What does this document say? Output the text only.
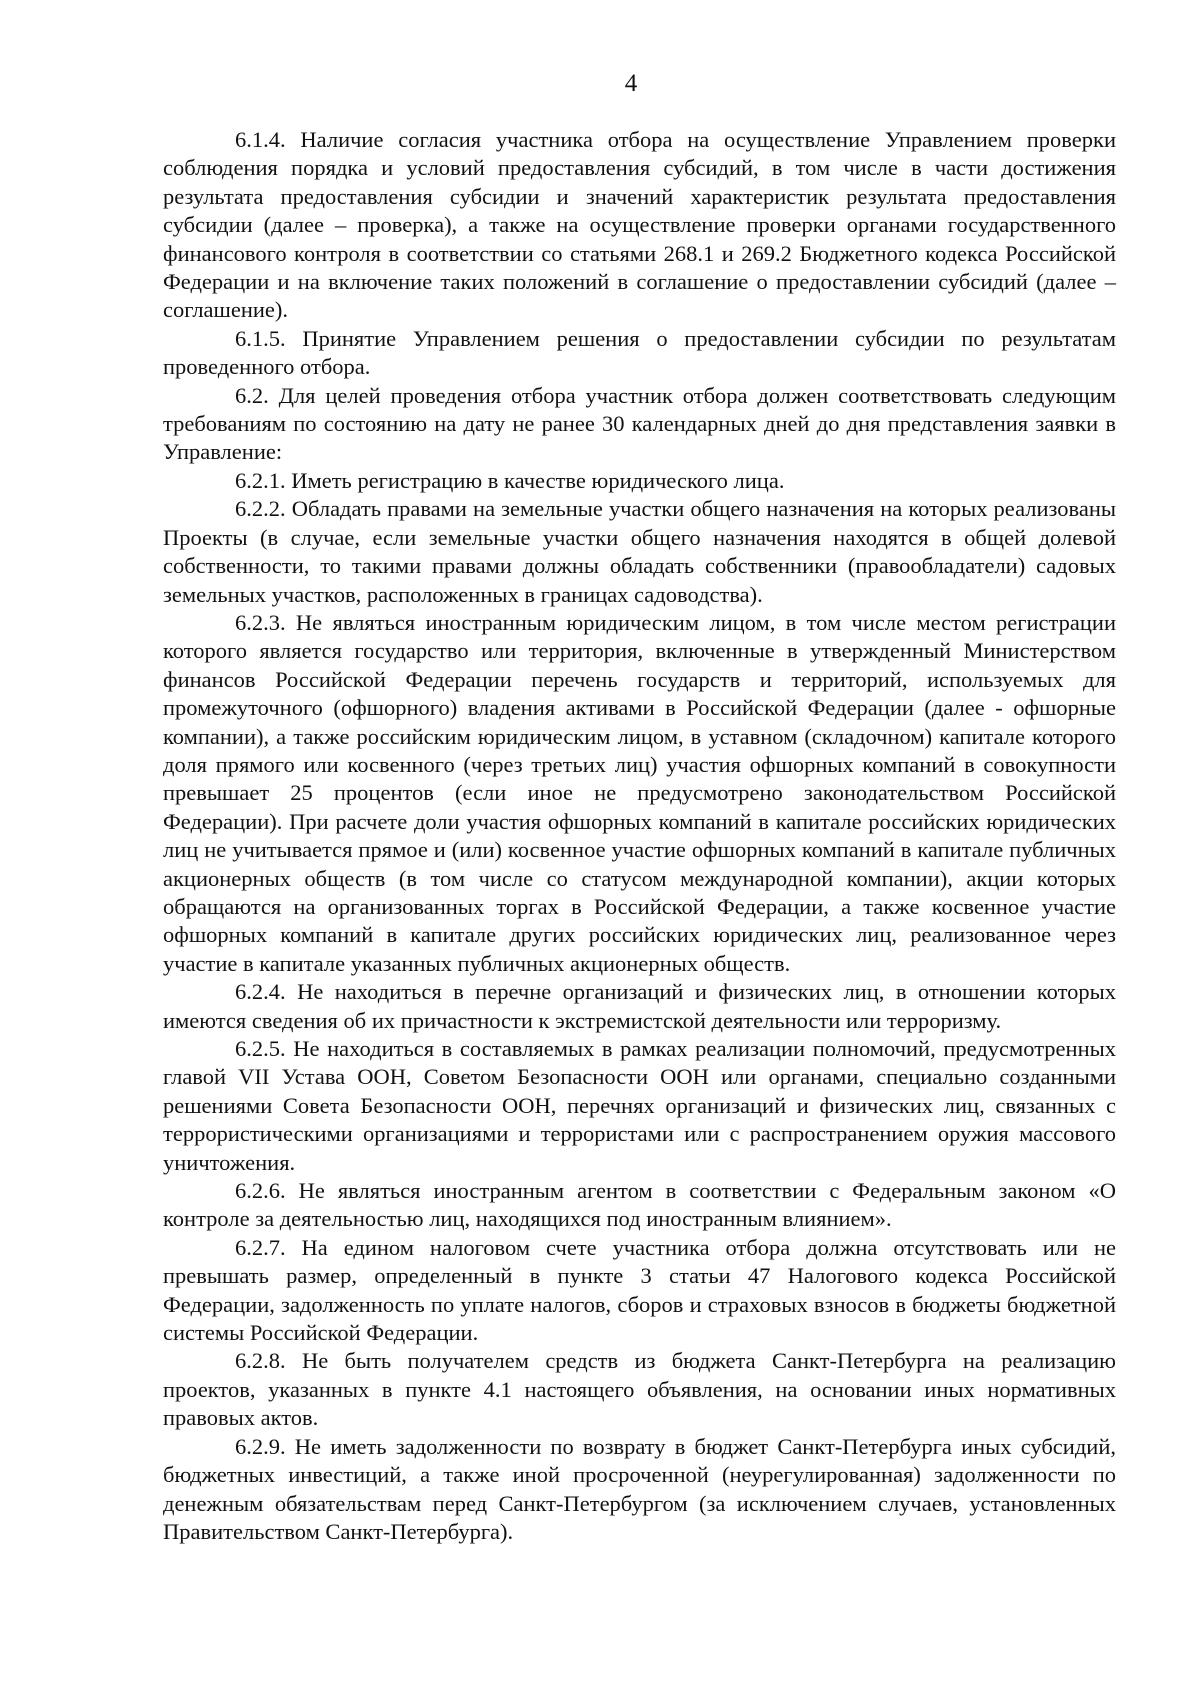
4

6.1.4. Наличие согласия участника отбора на осуществление Управлением проверки соблюдения порядка и условий предоставления субсидий, в том числе в части достижения результата предоставления субсидии и значений характеристик результата предоставления субсидии (далее – проверка), а также на осуществление проверки органами государственного финансового контроля в соответствии со статьями 268.1 и 269.2 Бюджетного кодекса Российской Федерации и на включение таких положений в соглашение о предоставлении субсидий (далее – соглашение).

6.1.5. Принятие Управлением решения о предоставлении субсидии по результатам проведенного отбора.

6.2. Для целей проведения отбора участник отбора должен соответствовать следующим требованиям по состоянию на дату не ранее 30 календарных дней до дня представления заявки в Управление:

6.2.1. Иметь регистрацию в качестве юридического лица.

6.2.2. Обладать правами на земельные участки общего назначения на которых реализованы Проекты (в случае, если земельные участки общего назначения находятся в общей долевой собственности, то такими правами должны обладать собственники (правообладатели) садовых земельных участков, расположенных в границах садоводства).

6.2.3. Не являться иностранным юридическим лицом, в том числе местом регистрации которого является государство или территория, включенные в утвержденный Министерством финансов Российской Федерации перечень государств и территорий, используемых для промежуточного (офшорного) владения активами в Российской Федерации (далее - офшорные компании), а также российским юридическим лицом, в уставном (складочном) капитале которого доля прямого или косвенного (через третьих лиц) участия офшорных компаний в совокупности превышает 25 процентов (если иное не предусмотрено законодательством Российской Федерации). При расчете доли участия офшорных компаний в капитале российских юридических лиц не учитывается прямое и (или) косвенное участие офшорных компаний в капитале публичных акционерных обществ (в том числе со статусом международной компании), акции которых обращаются на организованных торгах в Российской Федерации, а также косвенное участие офшорных компаний в капитале других российских юридических лиц, реализованное через участие в капитале указанных публичных акционерных обществ.

6.2.4. Не находиться в перечне организаций и физических лиц, в отношении которых имеются сведения об их причастности к экстремистской деятельности или терроризму.

6.2.5. Не находиться в составляемых в рамках реализации полномочий, предусмотренных главой VII Устава ООН, Советом Безопасности ООН или органами, специально созданными решениями Совета Безопасности ООН, перечнях организаций и физических лиц, связанных с террористическими организациями и террористами или с распространением оружия массового уничтожения.

6.2.6. Не являться иностранным агентом в соответствии с Федеральным законом «О контроле за деятельностью лиц, находящихся под иностранным влиянием».

6.2.7. На едином налоговом счете участника отбора должна отсутствовать или не превышать размер, определенный в пункте 3 статьи 47 Налогового кодекса Российской Федерации, задолженность по уплате налогов, сборов и страховых взносов в бюджеты бюджетной системы Российской Федерации.

6.2.8. Не быть получателем средств из бюджета Санкт-Петербурга на реализацию проектов, указанных в пункте 4.1 настоящего объявления, на основании иных нормативных правовых актов.

6.2.9. Не иметь задолженности по возврату в бюджет Санкт-Петербурга иных субсидий, бюджетных инвестиций, а также иной просроченной (неурегулированная) задолженности по денежным обязательствам перед Санкт-Петербургом (за исключением случаев, установленных Правительством Санкт-Петербурга).
